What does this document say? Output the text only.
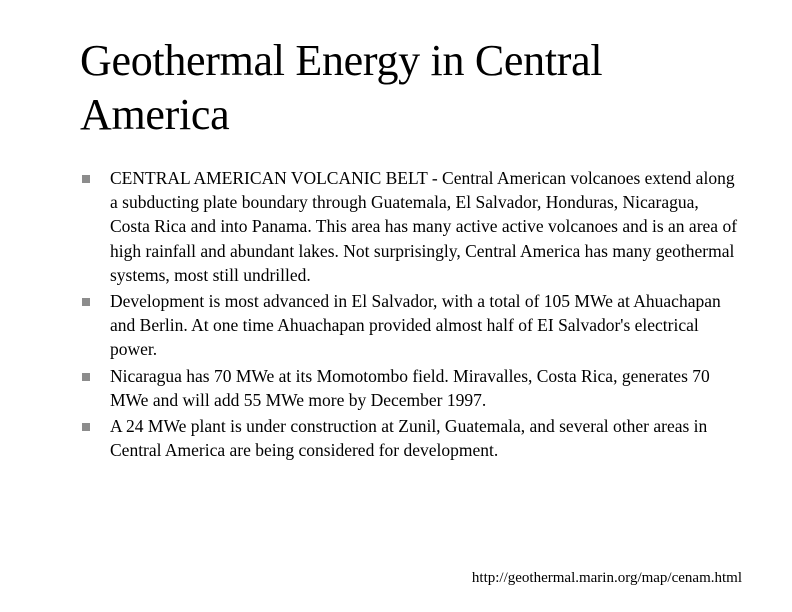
Geothermal Energy in Central America
CENTRAL AMERICAN VOLCANIC BELT - Central American volcanoes extend along a subducting plate boundary through Guatemala, El Salvador, Honduras, Nicaragua, Costa Rica and into Panama. This area has many active active volcanoes and is an area of high rainfall and abundant lakes. Not surprisingly, Central America has many geothermal systems, most still undrilled.
Development is most advanced in El Salvador, with a total of 105 MWe at Ahuachapan and Berlin. At one time Ahuachapan provided almost half of EI Salvador's electrical power.
Nicaragua has 70 MWe at its Momotombo field. Miravalles, Costa Rica, generates 70 MWe and will add 55 MWe more by December 1997.
A 24 MWe plant is under construction at Zunil, Guatemala, and several other areas in Central America are being considered for development.
http://geothermal.marin.org/map/cenam.html
